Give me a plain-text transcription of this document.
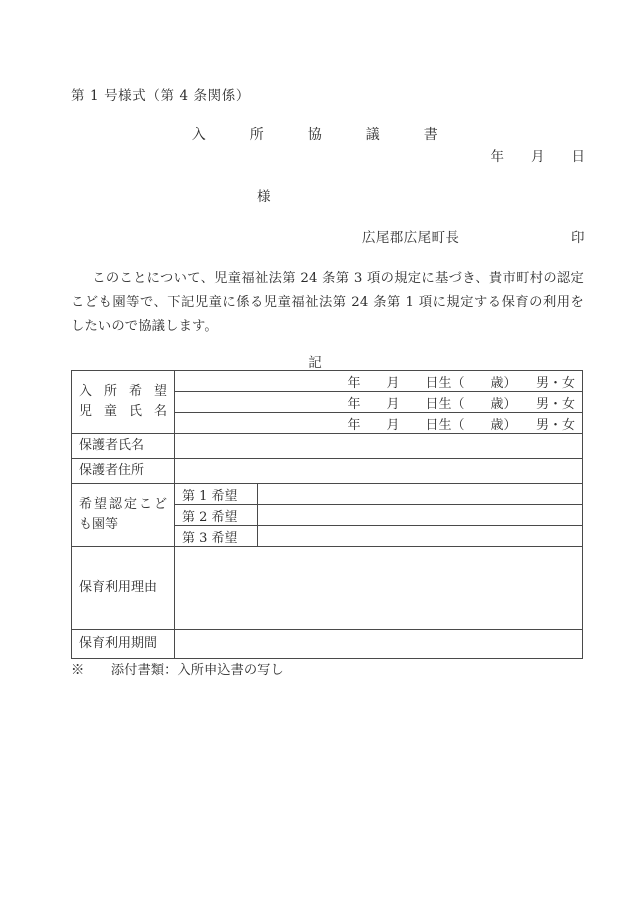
第 1 号様式（第 4 条関係）
入　　　所　　　協　　　議　　　書
年　　月　　日
様
広尾郡広尾町長	印
このことについて、児童福祉法第 24 条第 3 項の規定に基づき、貴市町村の認定こども園等で、下記児童に係る児童福祉法第 24 条第 1 項に規定する保育の利用をしたいので協議します。
記
入所希望
児童氏名	年　　月　　日生（　　歳）　　男・女	
	年　　月　　日生（　　歳）　　男・女	
	年　　月　　日生（　　歳）　　男・女	

保護者氏名		

保護者住所		

希望認定こど
も園等	第 1 希望	
	第 2 希望	
	第 3 希望	

保育利用理由		

保育利用期間		

※　　添付書類：入所申込書の写し
